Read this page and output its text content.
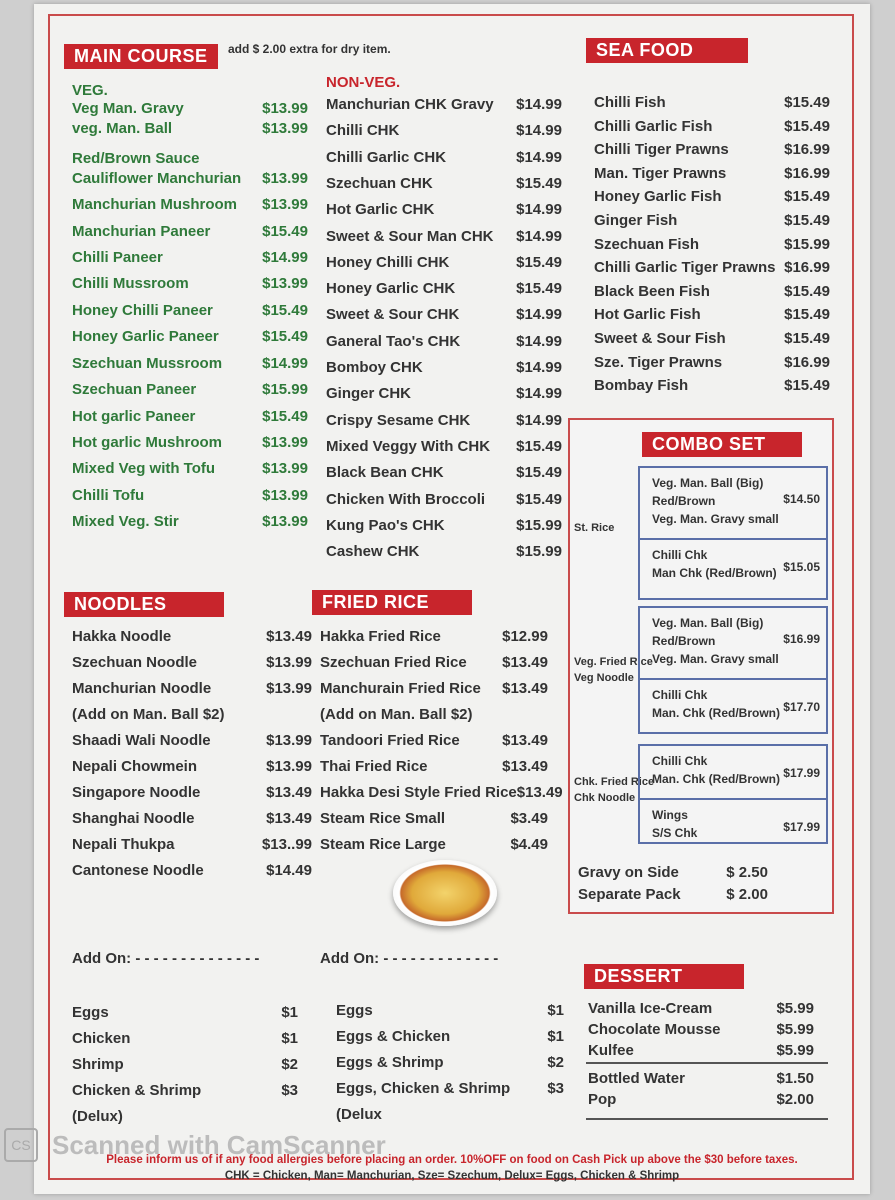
MAIN COURSE	add $ 2.00 extra for dry item.
VEG.	NON-VEG.
Veg Man. Gravy	$13.99
veg. Man. Ball	$13.99
Red/Brown Sauce
Cauliflower Manchurian $13.99
Manchurian Mushroom $13.99
Manchurian Paneer	$15.49
Chilli Paneer	$14.99
Chilli Mussroom	$13.99
Honey Chilli Paneer	$15.49
Honey Garlic Paneer	$15.49
Szechuan Mussroom	$14.99
Szechuan Paneer	$15.99
Hot garlic Paneer	$15.49
Hot garlic Mushroom	$13.99
Mixed Veg with Tofu	$13.99
Chilli Tofu	$13.99
Mixed Veg. Stir	$13.99
Manchurian CHK Gravy $14.99
Chilli CHK	$14.99
Chilli Garlic CHK	$14.99
Szechuan CHK	$15.49
Hot Garlic CHK	$14.99
Sweet & Sour Man CHK $14.99
Honey Chilli CHK	$15.49
Honey Garlic CHK	$15.49
Sweet & Sour CHK	$14.99
Ganeral Tao's CHK	$14.99
Bomboy CHK	$14.99
Ginger CHK	$14.99
Crispy Sesame CHK	$14.99
Mixed Veggy With CHK $15.49
Black Bean CHK	$15.49
Chicken With Broccoli $15.49
Kung Pao's CHK	$15.99
Cashew CHK	$15.99
SEA FOOD
Chilli Fish	$15.49
Chilli Garlic Fish	$15.49
Chilli Tiger Prawns	$16.99
Man. Tiger Prawns	$16.99
Honey Garlic Fish	$15.49
Ginger Fish	$15.49
Szechuan Fish	$15.99
Chilli Garlic Tiger Prawns $16.99
Black Been Fish	$15.49
Hot Garlic Fish	$15.49
Sweet & Sour Fish	$15.49
Sze. Tiger Prawns	$16.99
Bombay Fish	$15.49
COMBO SET
St. Rice
Veg. Man. Ball (Big)
Red/Brown
Veg. Man. Gravy small
$14.50
Chilli Chk
Man Chk (Red/Brown) $15.05
Veg. Fried Rice
Veg Noodle
Veg. Man. Ball (Big)
Red/Brown
Veg. Man. Gravy small
$16.99
Chilli Chk
Man. Chk (Red/Brown) $17.70
Chk. Fried Rice
Chk Noodle
Chilli Chk
Man. Chk (Red/Brown) $17.99
Wings
S/S Chk	$17.99
Gravy on Side	$ 2.50
Separate Pack	$ 2.00
NOODLES	FRIED RICE
Hakka Noodle	$13.49
Szechuan Noodle	$13.99
Manchurian Noodle	$13.99
(Add on Man. Ball $2)
Shaadi Wali Noodle	$13.99
Nepali Chowmein	$13.99
Singapore Noodle	$13.49
Shanghai Noodle	$13.49
Nepali Thukpa	$13..99
Cantonese Noodle	$14.49
Hakka Fried Rice	$12.99
Szechuan Fried Rice $13.49
Manchurain Fried Rice $13.49
(Add on Man. Ball $2)
Tandoori Fried Rice	$13.49
Thai Fried Rice	$13.49
Hakka Desi Style Fried Rice $13.49
Steam Rice Small	$3.49
Steam Rice Large	$4.49
Add On: - - - - - - - - - - - - - -	Add On: - - - - - - - - - - - - -
Eggs	$1
Chicken	$1
Shrimp	$2
Chicken & Shrimp	$3
(Delux)
Eggs	$1
Eggs & Chicken	$1
Eggs & Shrimp	$2
Eggs, Chicken & Shrimp $3
(Delux
DESSERT
Vanilla Ice-Cream	$5.99
Chocolate Mousse	$5.99
Kulfee	$5.99
Bottled Water	$1.50
Pop	$2.00
Please inform us of if any food allergies before placing an order. 10%OFF on food on Cash Pick up above the $30 before taxes.
CHK = Chicken, Man= Manchurian, Sze= Szechum, Delux= Eggs, Chicken & Shrimp
CS Scanned with CamScanner
